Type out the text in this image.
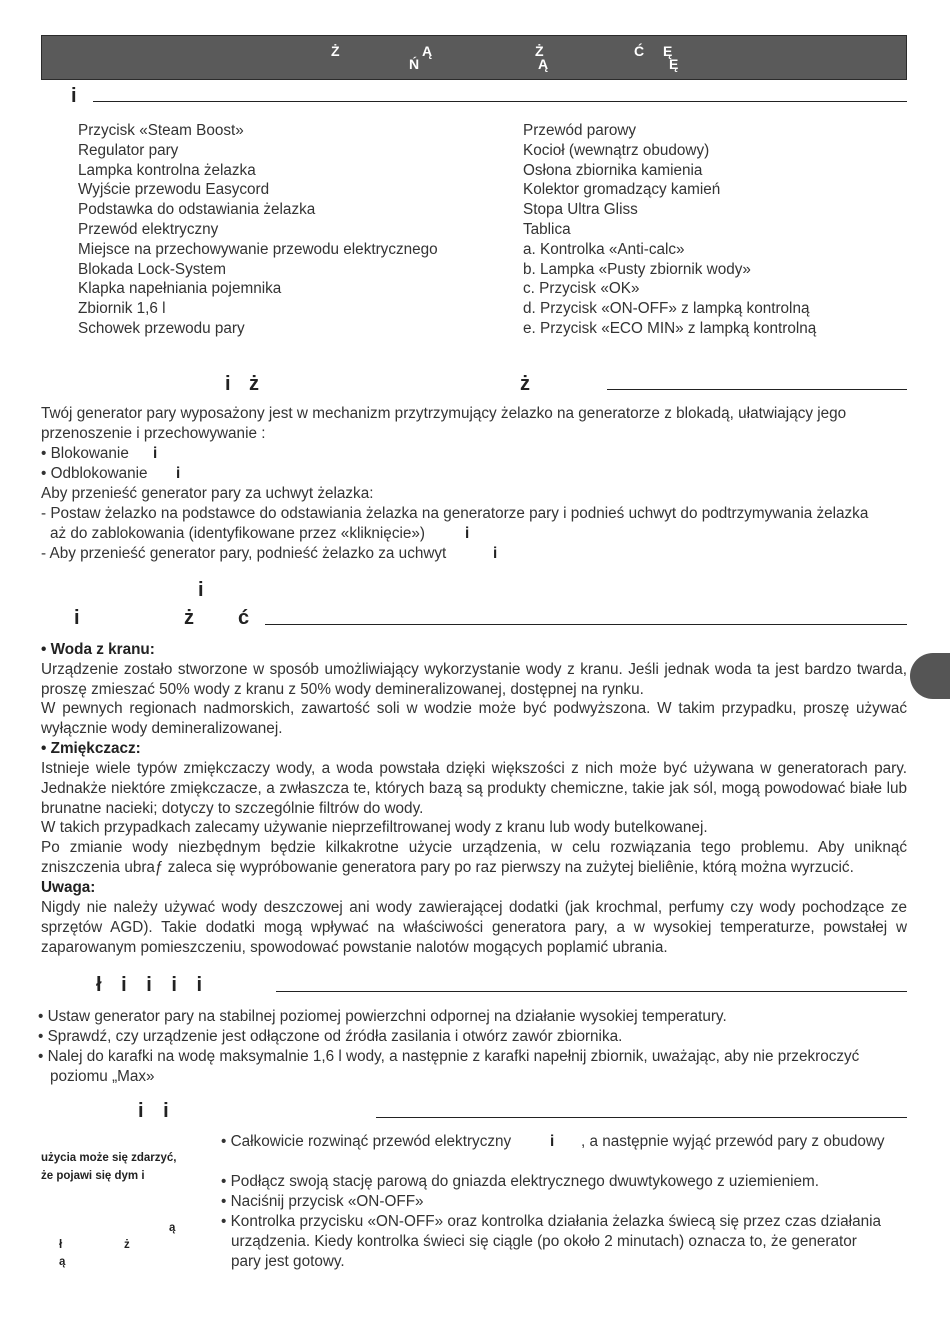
Ż	Ą	Ż	Ć Ę
Ń	Ą	Ę
i

Przycisk «Steam Boost»

Regulator pary

Lampka kontrolna żelazka

Wyjście przewodu Easycord

Podstawka do odstawiania żelazka

Przewód elektryczny

Miejsce na przechowywanie przewodu elektrycznego

Blokada Lock-System

Klapka napełniania pojemnika

Zbiornik 1,6 l

Schowek przewodu pary

Przewód parowy

Kocioł (wewnątrz obudowy)

Osłona zbiornika kamienia

Kolektor gromadzący kamień

Stopa Ultra Gliss

Tablica

a. Kontrolka «Anti-calc»

b. Lampka «Pusty zbiornik wody»

c. Przycisk «OK»

d. Przycisk «ON-OFF» z lampką kontrolną

e. Przycisk «ECO MIN» z lampką kontrolną

i ż	ż
Twój generator pary wyposażony jest w mechanizm przytrzymujący żelazko na generatorze z blokadą, ułatwiający jego
przenoszenie i przechowywanie :
• Blokowanie i
• Odblokowanie i
Aby przenieść generator pary za uchwyt żelazka:
- Postaw żelazko na podstawce do odstawiania żelazka na generatorze pary i podnieś uchwyt do podtrzymywania żelazka
aż do zablokowania (identyfikowane przez «kliknięcie»)	i
- Aby przenieść generator pary, podnieść żelazko za uchwyt	i
i
i	ż ć
• Woda z kranu:
Urządzenie zostało stworzone w sposób umożliwiający wykorzystanie wody z kranu. Jeśli jednak woda ta jest bardzo twarda, proszę zmieszać 50% wody z kranu z 50% wody demineralizowanej, dostępnej na rynku.
W pewnych regionach nadmorskich, zawartość soli w wodzie może być podwyższona. W takim przypadku, proszę używać wyłącznie wody demineralizowanej.
• Zmiękczacz:
Istnieje wiele typów zmiękczaczy wody, a woda powstała dzięki większości z nich może być używana w generatorach pary. Jednakże niektóre zmiękczacze, a zwłaszcza te, których bazą są produkty chemiczne, takie jak sól, mogą powodować białe lub brunatne nacieki; dotyczy to szczególnie filtrów do wody.
W takich przypadkach zalecamy używanie nieprzefiltrowanej wody z kranu lub wody butelkowanej.
Po zmianie wody niezbędnym będzie kilkakrotne użycie urządzenia, w celu rozwiązania tego problemu. Aby uniknąć zniszczenia ubraƒ zaleca się wypróbowanie generatora pary po raz pierwszy na zużytej bieliênie, którą można wyrzucić.
Uwaga:
Nigdy nie należy używać wody deszczowej ani wody zawierającej dodatki (jak krochmal, perfumy czy wody pochodzące ze sprzętów AGD). Takie dodatki mogą wpływać na właściwości generatora pary, a w wysokiej temperaturze, powstałej w zaparowanym pomieszczeniu, spowodować powstanie nalotów mogących poplamić ubrania.
ł i i i i
• Ustaw generator pary na stabilnej poziomej powierzchni odpornej na działanie wysokiej temperatury.
• Sprawdź, czy urządzenie jest odłączone od źródła zasilania i otwórz zawór zbiornika.
• Nalej do karafki na wodę maksymalnie 1,6 l wody, a następnie z karafki napełnij zbiornik, uważając, aby nie przekroczyć
poziomu „Max»
i i
użycia może się zdarzyć,
że pojawi się dym i
ą
ł	ż
ą
• Całkowicie rozwinąć przewód elektryczny	i , a następnie wyjąć przewód pary z obudowy
• Podłącz swoją stację parową do gniazda elektrycznego dwuwtykowego z uziemieniem.
• Naciśnij przycisk «ON-OFF»
• Kontrolka przycisku «ON-OFF» oraz kontrolka działania żelazka świecą się przez czas działania
urządzenia. Kiedy kontrolka świeci się ciągle (po około 2 minutach) oznacza to, że generator
pary jest gotowy.
